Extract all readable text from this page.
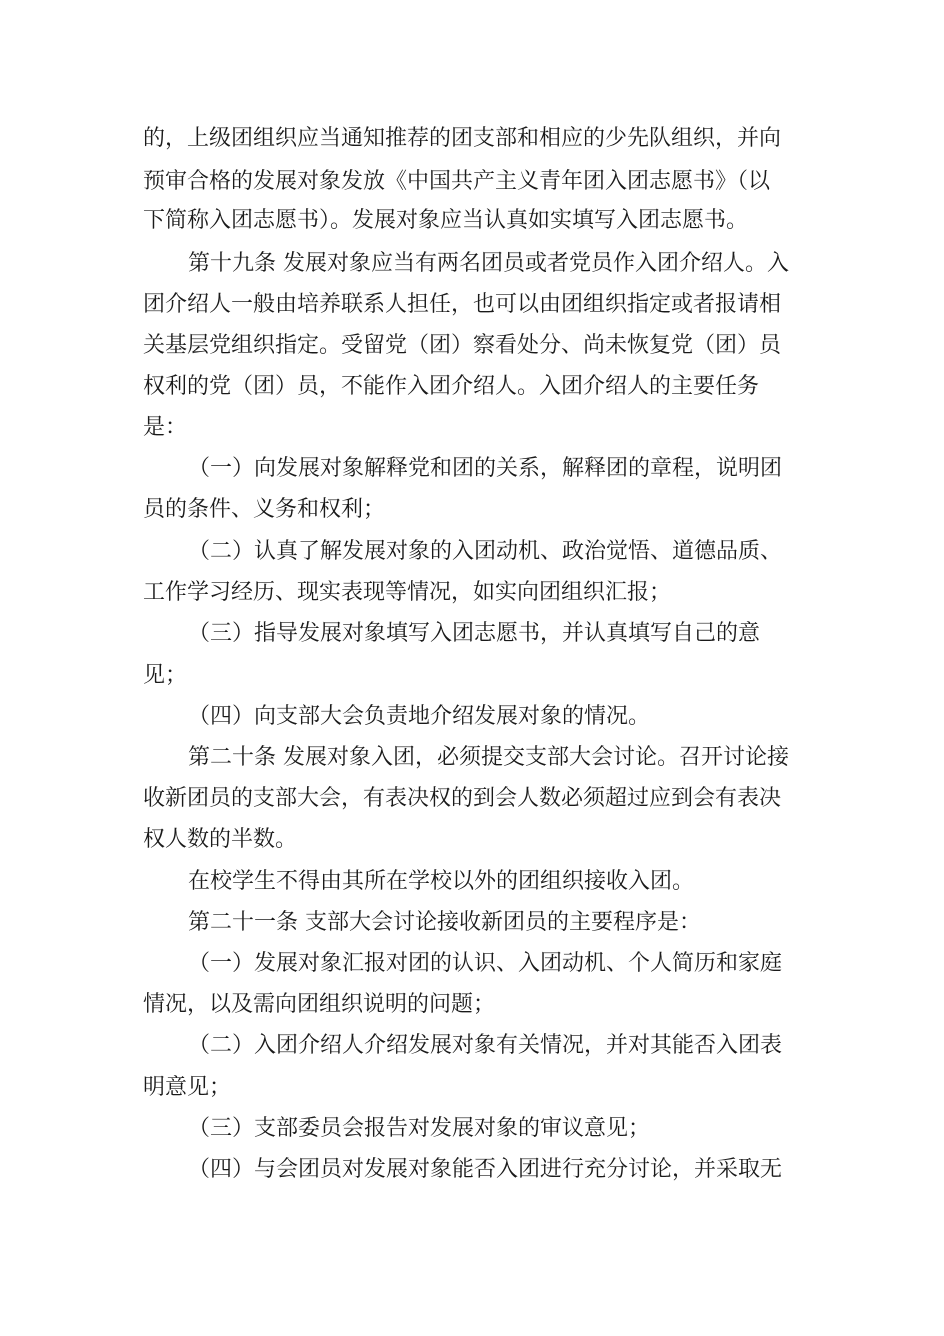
的，上级团组织应当通知推荐的团支部和相应的少先队组织，并向

预审合格的发展对象发放《中国共产主义青年团入团志愿书》（以

下简称入团志愿书）。发展对象应当认真如实填写入团志愿书。

第十九条 发展对象应当有两名团员或者党员作入团介绍人。入

团介绍人一般由培养联系人担任，也可以由团组织指定或者报请相

关基层党组织指定。受留党（团）察看处分、尚未恢复党（团）员

权利的党（团）员，不能作入团介绍人。入团介绍人的主要任务

是：

（一）向发展对象解释党和团的关系，解释团的章程，说明团

员的条件、义务和权利；

（二）认真了解发展对象的入团动机、政治觉悟、道德品质、

工作学习经历、现实表现等情况，如实向团组织汇报；

（三）指导发展对象填写入团志愿书，并认真填写自己的意

见；

（四）向支部大会负责地介绍发展对象的情况。

第二十条 发展对象入团，必须提交支部大会讨论。召开讨论接

收新团员的支部大会，有表决权的到会人数必须超过应到会有表决

权人数的半数。

在校学生不得由其所在学校以外的团组织接收入团。

第二十一条 支部大会讨论接收新团员的主要程序是：

（一）发展对象汇报对团的认识、入团动机、个人简历和家庭

情况，以及需向团组织说明的问题；

（二）入团介绍人介绍发展对象有关情况，并对其能否入团表

明意见；

（三）支部委员会报告对发展对象的审议意见；

（四）与会团员对发展对象能否入团进行充分讨论，并采取无
